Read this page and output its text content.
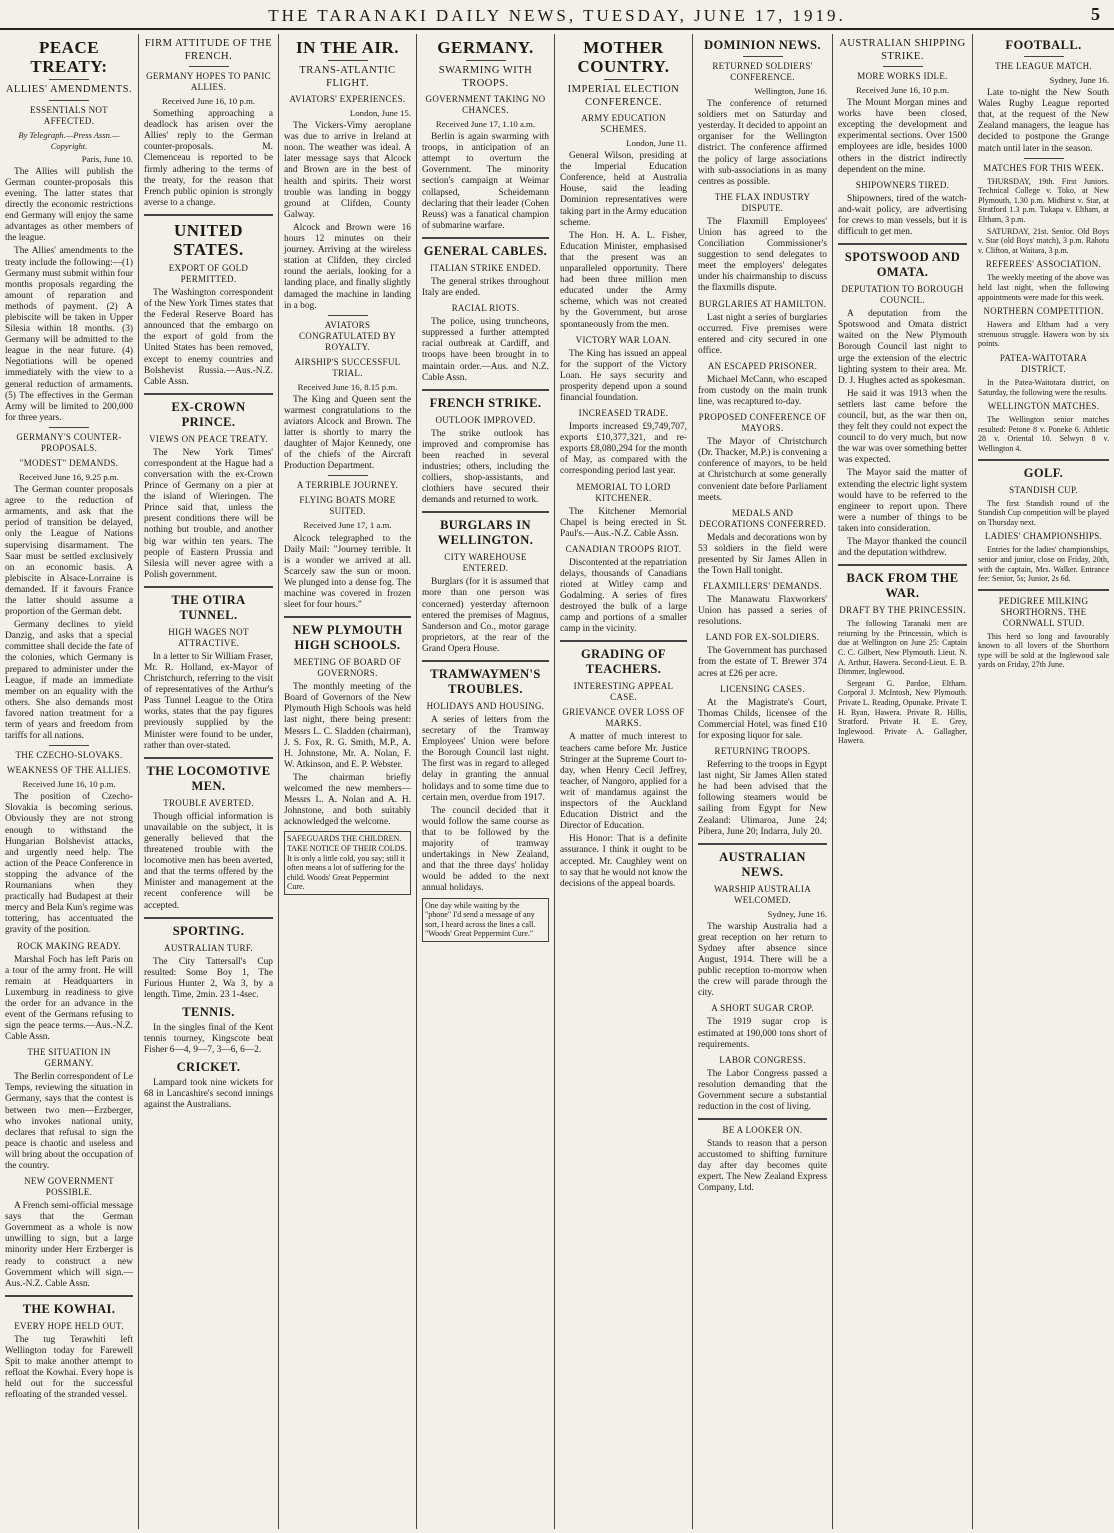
THE TARANAKI DAILY NEWS, TUESDAY, JUNE 17, 1919.	5
PEACE TREATY:
ALLIES' AMENDMENTS.
ESSENTIALS NOT AFFECTED.
By Telegraph.—Press Assn.—Copyright.
Paris, June 10.

The Allies will publish the German counter-proposals this evening. The latter states that directly the economic restrictions end Germany will enjoy the same advantages as other members of the league.

The Allies' amendments to the treaty include the following:—(1) Germany must submit within four months proposals regarding the amount of reparation and methods of payment. (2) A plebiscite will be taken in Upper Silesia within 18 months. (3) Germany will be admitted to the league in the near future. (4) Negotiations will be opened immediately with the view to a general reduction of armaments. (5) The effectives in the German Army will be limited to 200,000 for three years.

GERMANY'S COUNTER-PROPOSALS.
"MODEST" DEMANDS.
Received June 16, 9.25 p.m.

The German counter proposals agree to the reduction of armaments, and ask that the period of transition be delayed, only the League of Nations supervising disarmament. The Saar must be settled exclusively on an economic basis. A plebiscite in Alsace-Lorraine is demanded. If it favours France the latter should assume a proportion of the German debt.

Germany declines to yield Danzig, and asks that a special committee shall decide the fate of the colonies, which Germany is prepared to administer under the League, if made an immediate member on an equality with the others. She also demands most favored nation treatment for a term of years and freedom from tariffs for all nations.

THE CZECHO-SLOVAKS.
WEAKNESS OF THE ALLIES.
Received June 16, 10 p.m.

The position of Czecho-Slovakia is becoming serious. Obviously they are not strong enough to withstand the Hungarian Bolshevist attacks, and urgently need help. The action of the Peace Conference in stopping the advance of the Roumanians when they practically had Budapest at their mercy and Bela Kun's regime was tottering, has accentuated the gravity of the position.

ROCK MAKING READY.

Marshal Foch has left Paris on a tour of the army front. He will remain at Headquarters in Luxemburg in readiness to give the order for an advance in the event of the Germans refusing to sign the peace terms.—Aus.-N.Z. Cable Assn.

THE SITUATION IN GERMANY.

The Berlin correspondent of Le Temps, reviewing the situation in Germany, says that the contest is between two men—Erzberger, who invokes national unity, declares that refusal to sign the peace is chaotic and useless and will bring about the occupation of the country.

NEW GOVERNMENT POSSIBLE.

A French semi-official message says that the German Government as a whole is now unwilling to sign, but a large minority under Herr Erzberger is ready to construct a new Government which will sign.—Aus.-N.Z. Cable Assn.

THE KOWHAI.
EVERY HOPE HELD OUT.

The tug Terawhiti left Wellington today for Farewell Spit to make another attempt to refloat the Kowhai. Every hope is held out for the successful refloating of the stranded vessel.

FIRM ATTITUDE OF THE FRENCH.
GERMANY HOPES TO PANIC ALLIES.
Received June 16, 10 p.m.

Something approaching a deadlock has arisen over the Allies' reply to the German counter-proposals. M. Clemenceau is reported to be firmly adhering to the terms of the treaty, for the reason that French public opinion is strongly averse to a change.

UNITED STATES.
EXPORT OF GOLD PERMITTED.

The Washington correspondent of the New York Times states that the Federal Reserve Board has announced that the embargo on the export of gold from the United States has been removed, except to enemy countries and Bolshevist Russia.—Aus.-N.Z. Cable Assn.

EX-CROWN PRINCE.
VIEWS ON PEACE TREATY.

The New York Times' correspondent at the Hague had a conversation with the ex-Crown Prince of Germany on a pier at the island of Wieringen. The Prince said that, unless the present conditions there will be nothing but trouble, and another big war within ten years. The people of Eastern Prussia and Silesia will never agree with a Polish government.

THE OTIRA TUNNEL.
HIGH WAGES NOT ATTRACTIVE.

In a letter to Sir William Fraser, Mr. R. Holland, ex-Mayor of Christchurch, referring to the visit of representatives of the Arthur's Pass Tunnel League to the Otira works, states that the pay figures previously supplied by the Minister were found to be under, rather than over-stated.

THE LOCOMOTIVE MEN.
TROUBLE AVERTED.

Though official information is unavailable on the subject, it is generally believed that the threatened trouble with the locomotive men has been averted, and that the terms offered by the Minister and management at the recent conference will be accepted.

SPORTING.
AUSTRALIAN TURF.

The City Tattersall's Cup resulted: Some Boy 1, The Furious Hunter 2, Wa 3, by a length. Time, 2min. 23 1-4sec.

TENNIS.

In the singles final of the Kent tennis tourney, Kingscote beat Fisher 6—4, 9—7, 3—6, 6—2.

CRICKET.

Lampard took nine wickets for 68 in Lancashire's second innings against the Australians.

IN THE AIR.
TRANS-ATLANTIC FLIGHT.
AVIATORS' EXPERIENCES.
London, June 15.

The Vickers-Vimy aeroplane was due to arrive in Ireland at noon. The weather was ideal. A later message says that Alcock and Brown are in the best of health and spirits. Their worst trouble was landing in boggy ground at Clifden, County Galway.

Alcock and Brown were 16 hours 12 minutes on their journey. Arriving at the wireless station at Clifden, they circled round the aerials, looking for a landing place, and finally slightly damaged the machine in landing in a bog.

AVIATORS CONGRATULATED BY ROYALTY.
AIRSHIP'S SUCCESSFUL TRIAL.
Received June 16, 8.15 p.m.

The King and Queen sent the warmest congratulations to the aviators Alcock and Brown. The latter is shortly to marry the daughter of Major Kennedy, one of the chiefs of the Aircraft Production Department.

A TERRIBLE JOURNEY.
FLYING BOATS MORE SUITED.
Received June 17, 1 a.m.

Alcock telegraphed to the Daily Mail: "Journey terrible. It is a wonder we arrived at all. Scarcely saw the sun or moon. We plunged into a dense fog. The machine was covered in frozen sleet for four hours."

NEW PLYMOUTH HIGH SCHOOLS.
MEETING OF BOARD OF GOVERNORS.

The monthly meeting of the Board of Governors of the New Plymouth High Schools was held last night, there being present: Messrs L. C. Sladden (chairman), J. S. Fox, R. G. Smith, M.P., A. H. Johnstone, Mr. A. Nolan, F. W. Atkinson, and E. P. Webster.

The chairman briefly welcomed the new members—Messrs L. A. Nolan and A. H. Johnstone, and both suitably acknowledged the welcome.

SAFEGUARDS THE CHILDREN. TAKE NOTICE OF THEIR COLDS. It is only a little cold, you say; still it often means a lot of suffering for the child. Woods' Great Peppermint Cure.
GERMANY.
SWARMING WITH TROOPS.
GOVERNMENT TAKING NO CHANCES.
Received June 17, 1.10 a.m.

Berlin is again swarming with troops, in anticipation of an attempt to overturn the Government. The minority section's campaign at Weimar collapsed, Scheidemann declaring that their leader (Cohen Reuss) was a fanatical champion of submarine warfare.

GENERAL CABLES.
ITALIAN STRIKE ENDED.

The general strikes throughout Italy are ended.

RACIAL RIOTS.

The police, using truncheons, suppressed a further attempted racial outbreak at Cardiff, and troops have been brought in to maintain order.—Aus. and N.Z. Cable Assn.

FRENCH STRIKE.
OUTLOOK IMPROVED.

The strike outlook has improved and compromise has been reached in several industries; others, including the colliers, shop-assistants, and clothiers have secured their demands and returned to work.

BURGLARS IN WELLINGTON.
CITY WAREHOUSE ENTERED.

Burglars (for it is assumed that more than one person was concerned) yesterday afternoon entered the premises of Magnus, Sanderson and Co., motor garage proprietors, at the rear of the Grand Opera House.

TRAMWAYMEN'S TROUBLES.
HOLIDAYS AND HOUSING.

A series of letters from the secretary of the Tramway Employees' Union were before the Borough Council last night. The first was in regard to alleged delay in granting the annual holidays and to some time due to certain men, overdue from 1917.

The council decided that it would follow the same course as that to be followed by the majority of tramway undertakings in New Zealand, and that the three days' holiday would be added to the next annual holidays.

One day while waiting by the "phone" I'd send a message of any sort, I heard across the lines a call. "Woods' Great Peppermint Cure."
MOTHER COUNTRY.
IMPERIAL ELECTION CONFERENCE.
ARMY EDUCATION SCHEMES.
London, June 11.

General Wilson, presiding at the Imperial Education Conference, held at Australia House, said the leading Dominion representatives were taking part in the Army education scheme.

The Hon. H. A. L. Fisher, Education Minister, emphasised that the present was an unparalleled opportunity. There had been three million men educated under the Army scheme, which was not created by the Government, but arose spontaneously from the men.

VICTORY WAR LOAN.

The King has issued an appeal for the support of the Victory Loan. He says security and prosperity depend upon a sound financial foundation.

INCREASED TRADE.

Imports increased £9,749,707, exports £10,377,321, and re-exports £8,080,294 for the month of May, as compared with the corresponding period last year.

MEMORIAL TO LORD KITCHENER.

The Kitchener Memorial Chapel is being erected in St. Paul's.—Aus.-N.Z. Cable Assn.

CANADIAN TROOPS RIOT.

Discontented at the repatriation delays, thousands of Canadians rioted at Witley camp and Godalming. A series of fires destroyed the bulk of a large camp and portions of a smaller camp in the vicinity.

GRADING OF TEACHERS.
INTERESTING APPEAL CASE.
GRIEVANCE OVER LOSS OF MARKS.

A matter of much interest to teachers came before Mr. Justice Stringer at the Supreme Court to-day, when Henry Cecil Jeffrey, teacher, of Nangoro, applied for a writ of mandamus against the inspectors of the Auckland Education District and the Director of Education.

His Honor: That is a definite assurance. I think it ought to be accepted. Mr. Caughley went on to say that he would not know the decisions of the appeal boards.

DOMINION NEWS.
RETURNED SOLDIERS' CONFERENCE.
Wellington, June 16.

The conference of returned soldiers met on Saturday and yesterday. It decided to appoint an organiser for the Wellington district. The conference affirmed the policy of large associations with sub-associations in as many centres as possible.

THE FLAX INDUSTRY DISPUTE.

The Flaxmill Employees' Union has agreed to the Conciliation Commissioner's suggestion to send delegates to meet the employers' delegates under his chairmanship to discuss the flaxmills dispute.

BURGLARIES AT HAMILTON.

Last night a series of burglaries occurred. Five premises were entered and city secured in one office.

AN ESCAPED PRISONER.

Michael McCann, who escaped from custody on the main trunk line, was recaptured to-day.

PROPOSED CONFERENCE OF MAYORS.

The Mayor of Christchurch (Dr. Thacker, M.P.) is convening a conference of mayors, to be held at Christchurch at some generally convenient date before Parliament meets.

MEDALS AND DECORATIONS CONFERRED.

Medals and decorations won by 53 soldiers in the field were presented by Sir James Allen in the Town Hall tonight.

FLAXMILLERS' DEMANDS.

The Manawatu Flaxworkers' Union has passed a series of resolutions.

LAND FOR EX-SOLDIERS.

The Government has purchased from the estate of T. Brewer 374 acres at £26 per acre.

LICENSING CASES.

At the Magistrate's Court, Thomas Childs, licensee of the Commercial Hotel, was fined £10 for exposing liquor for sale.

RETURNING TROOPS.

Referring to the troops in Egypt last night, Sir James Allen stated he had been advised that the following steamers would be sailing from Egypt for New Zealand: Ulimaroa, June 24; Pibera, June 20; Indarra, July 20.

AUSTRALIAN NEWS.
WARSHIP AUSTRALIA WELCOMED.
Sydney, June 16.

The warship Australia had a great reception on her return to Sydney after absence since August, 1914. There will be a public reception to-morrow when the crew will parade through the city.

A SHORT SUGAR CROP.

The 1919 sugar crop is estimated at 190,000 tons short of requirements.

LABOR CONGRESS.

The Labor Congress passed a resolution demanding that the Government secure a substantial reduction in the cost of living.

BE A LOOKER ON.

Stands to reason that a person accustomed to shifting furniture day after day becomes quite expert. The New Zealand Express Company, Ltd.

AUSTRALIAN SHIPPING STRIKE.
MORE WORKS IDLE.
Received June 16, 10 p.m.

The Mount Morgan mines and works have been closed, excepting the development and experimental sections. Over 1500 employees are idle, besides 1000 others in the district indirectly dependent on the mine.

SHIPOWNERS TIRED.

Shipowners, tired of the watch-and-wait policy, are advertising for crews to man vessels, but it is difficult to get men.

SPOTSWOOD AND OMATA.
DEPUTATION TO BOROUGH COUNCIL.

A deputation from the Spotswood and Omata district waited on the New Plymouth Borough Council last night to urge the extension of the electric lighting system to their area. Mr. D. J. Hughes acted as spokesman.

He said it was 1913 when the settlers last came before the council, but, as the war then on, they felt they could not expect the council to do very much, but now the war was over something better was expected.

The Mayor said the matter of extending the electric light system would have to be referred to the engineer to report upon. There were a number of things to be taken into consideration.

The Mayor thanked the council and the deputation withdrew.

BACK FROM THE WAR.
DRAFT BY THE PRINCESSIN.

The following Taranaki men are returning by the Princessin, which is due at Wellington on June 25: Captain C. C. Gilbert, New Plymouth. Lieut. N. A. Arthur, Hawera. Second-Lieut. E. B. Dimmer, Inglewood.

Sergeant G. Pardoe, Eltham. Corporal J. McIntosh, New Plymouth. Private L. Reading, Opunake. Private T. H. Ryan, Hawera. Private R. Hillis, Stratford. Private H. E. Grey, Inglewood. Private A. Gallagher, Hawera.

FOOTBALL.
THE LEAGUE MATCH.
Sydney, June 16.

Late to-night the New South Wales Rugby League reported that, at the request of the New Zealand managers, the league has decided to postpone the Grange match until later in the season.

MATCHES FOR THIS WEEK.

THURSDAY, 19th. First Juniors. Technical College v. Toko, at New Plymouth, 1.30 p.m. Midhirst v. Star, at Stratford 1.3 p.m. Tukapa v. Eltham, at Eltham, 3 p.m.

SATURDAY, 21st. Senior. Old Boys v. Star (old Boys' match), 3 p.m. Rahotu v. Clifton, at Waitara, 3 p.m.

REFEREES' ASSOCIATION.

The weekly meeting of the above was held last night, when the following appointments were made for this week.

NORTHERN COMPETITION.

Hawera and Eltham had a very strenuous struggle. Hawera won by six points.

PATEA-WAITOTARA DISTRICT.

In the Patea-Waitotara district, on Saturday, the following were the results.

WELLINGTON MATCHES.

The Wellington senior matches resulted: Petone 8 v. Poneke 6. Athletic 28 v. Oriental 10. Selwyn 8 v. Wellington 4.

GOLF.
STANDISH CUP.

The first Standish round of the Standish Cup competition will be played on Thursday next.

LADIES' CHAMPIONSHIPS.

Entries for the ladies' championships, senior and junior, close on Friday, 20th, with the captain, Mrs. Walker. Entrance fee: Senior, 5s; Junior, 2s 6d.

PEDIGREE MILKING SHORTHORNS. THE CORNWALL STUD.

This herd so long and favourably known to all lovers of the Shorthorn type will be sold at the Inglewood sale yards on Friday, 27th June.
